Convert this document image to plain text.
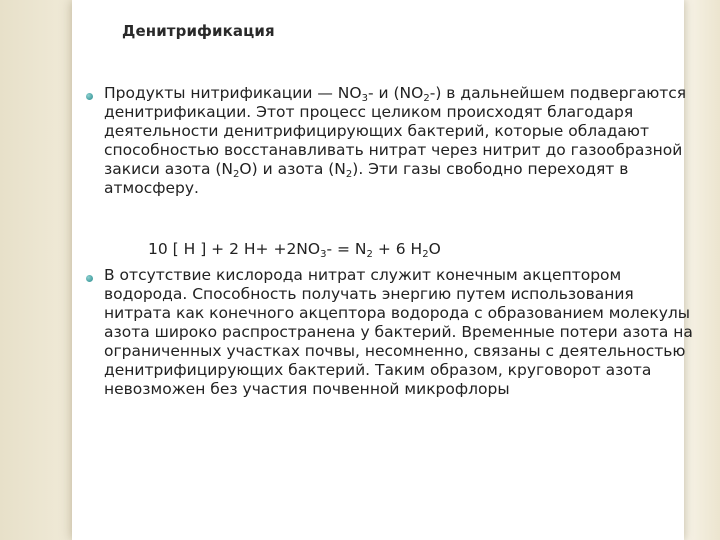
Денитрификация
Продукты нитрификации — $NO_3-$ и $(NO_2-)$ в дальнейшем подвергаются денитрификации. Этот процесс целиком происходят благодаря деятельности денитрифицирующих бактерий, которые обладают способностью восстанавливать нитрат через нитрит до газообразной закиси азота $(N_2O)$ и азота $(N_2)$. Эти газы свободно переходят в атмосферу.
10 [ H ] + 2 $H+ +2NO_3- = N_2 + 6$ $H_2O$
В отсутствие кислорода нитрат служит конечным акцептором водорода. Способность получать энергию путем использования нитрата как конечного акцептора водорода с образованием молекулы азота широко распространена у бактерий. Временные потери азота на ограниченных участках почвы, несомненно, связаны с деятельностью денитрифицирующих бактерий. Таким образом, круговорот азота невозможен без участия почвенной микрофлоры
